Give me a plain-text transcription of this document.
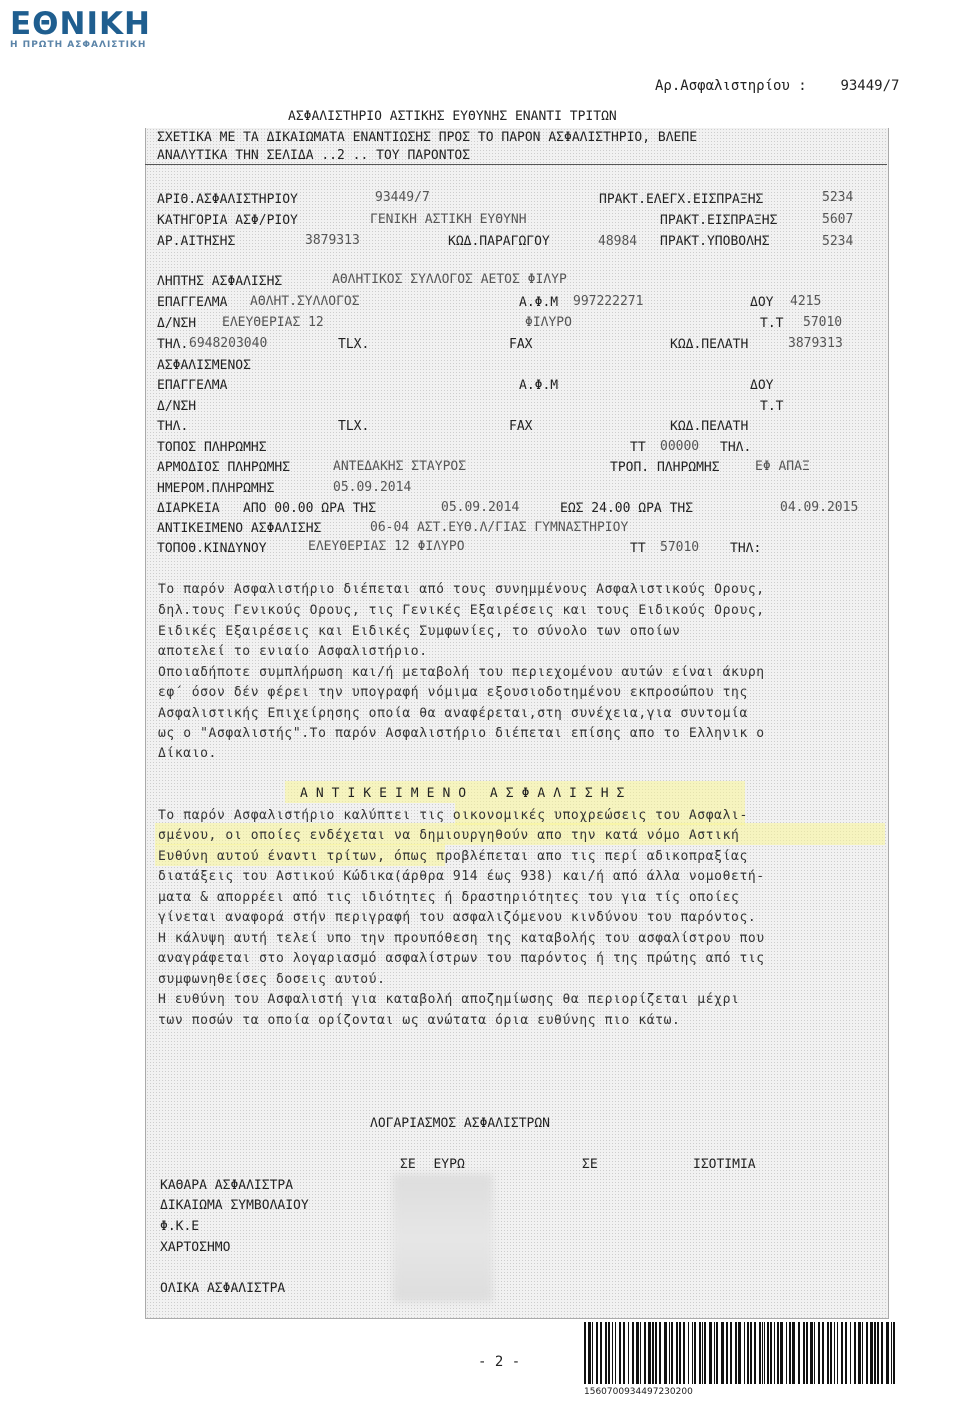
ΕΘΝΙΚΗ
Η ΠΡΩΤΗ ΑΣΦΑΛΙΣΤΙΚΗ
Αρ.Ασφαλιστηρίου : 93449/7
ΑΣΦΑΛΙΣΤΗΡΙΟ ΑΣΤΙΚΗΣ ΕΥΘΥΝΗΣ ΕΝΑΝΤΙ ΤΡΙΤΩΝ
ΣΧΕΤΙΚΑ ΜΕ ΤΑ ΔΙΚΑΙΩΜΑΤΑ ΕΝΑΝΤΙΩΣΗΣ ΠΡΟΣ ΤΟ ΠΑΡΟΝ ΑΣΦΑΛΙΣΤΗΡΙΟ, ΒΛΕΠΕ
ΑΝΑΛΥΤΙΚΑ ΤΗΝ ΣΕΛΙΔΑ ..2 .. ΤΟΥ ΠΑΡΟΝΤΟΣ
ΑΡΙΘ.ΑΣΦΑΛΙΣΤΗΡΙΟΥ	93449/7	ΠΡΑΚΤ.ΕΛΕΓΧ.ΕΙΣΠΡΑΞΗΣ	5234
ΚΑΤΗΓΟΡΙΑ ΑΣΦ/ΡΙΟΥ	ΓΕΝΙΚΗ ΑΣΤΙΚΗ ΕΥΘΥΝΗ	ΠΡΑΚΤ.ΕΙΣΠΡΑΞΗΣ	5607
ΑΡ.ΑΙΤΗΣΗΣ	3879313	ΚΩΔ.ΠΑΡΑΓΩΓΟΥ	48984 ΠΡΑΚΤ.ΥΠΟΒΟΛΗΣ	5234
ΛΗΠΤΗΣ ΑΣΦΑΛΙΣΗΣ	ΑΘΛΗΤΙΚΟΣ ΣΥΛΛΟΓΟΣ ΑΕΤΟΣ ΦΙΛΥΡ
ΕΠΑΓΓΕΛΜΑ ΑΘΛΗΤ.ΣΥΛΛΟΓΟΣ	Α.Φ.Μ 997222271	ΔΟΥ 4215
Δ/ΝΣΗ ΕΛΕΥΘΕΡΙΑΣ 12	ΦΙΛΥΡΟ	Τ.Τ 57010
ΤΗΛ. 6948203040	TLX.	FAX	ΚΩΔ.ΠΕΛΑΤΗ	3879313
ΑΣΦΑΛΙΣΜΕΝΟΣ
ΕΠΑΓΓΕΛΜΑ	Α.Φ.Μ	ΔΟΥ
Δ/ΝΣΗ	Τ.Τ
ΤΗΛ.	TLX.	FAX	ΚΩΔ.ΠΕΛΑΤΗ
ΤΟΠΟΣ ΠΛΗΡΩΜΗΣ	ΤΤ 00000 ΤΗΛ.
ΑΡΜΟΔΙΟΣ ΠΛΗΡΩΜΗΣ	ΑΝΤΕΔΑΚΗΣ ΣΤΑΥΡΟΣ	ΤΡΟΠ. ΠΛΗΡΩΜΗΣ	ΕΦ ΑΠΑΞ
ΗΜΕΡΟΜ.ΠΛΗΡΩΜΗΣ	05.09.2014
ΔΙΑΡΚΕΙΑ ΑΠΟ 00.00 ΩΡΑ ΤΗΣ	05.09.2014	ΕΩΣ 24.00 ΩΡΑ ΤΗΣ	04.09.2015
ΑΝΤΙΚΕΙΜΕΝΟ ΑΣΦΑΛΙΣΗΣ	06-04 ΑΣΤ.ΕΥΘ.Λ/ΓΙΑΣ ΓΥΜΝΑΣΤΗΡΙΟΥ
ΤΟΠΟΘ.ΚΙΝΔΥΝΟΥ	ΕΛΕΥΘΕΡΙΑΣ 12 ΦΙΛΥΡΟ	ΤΤ 57010 ΤΗΛ:
Το παρόν Ασφαλιστήριο διέπεται από τους συνημμένους Ασφαλιστικούς Ορους,
δηλ.τους Γενικούς Ορους, τις Γενικές Εξαιρέσεις και τους Ειδικούς Ορους,
Ειδικές Εξαιρέσεις και Ειδικές Συμφωνίες, το σύνολο των οποίων
αποτελεί το ενιαίο Ασφαλιστήριο.
Οποιαδήποτε συμπλήρωση και/ή μεταβολή του περιεχομένου αυτών είναι άκυρη
εφ΄ όσον δέν φέρει την υπογραφή νόμιμα εξουσιοδοτημένου εκπροσώπου της
Ασφαλιστικής Επιχείρησης οποία θα αναφέρεται,στη συνέχεια,για συντομία
ως ο "Ασφαλιστής".Το παρόν Ασφαλιστήριο διέπεται επίσης απο το Ελληνικ ο
Δίκαιο.
ΑΝΤΙΚΕΙΜΕΝΟ ΑΣΦΑΛΙΣΗΣ
Το παρόν Ασφαλιστήριο καλύπτει τις οικονομικές υποχρεώσεις του Ασφαλι-
σμένου, οι οποίες ενδέχεται να δημιουργηθούν απο την κατά νόμο Αστική
Ευθύνη αυτού έναντι τρίτων, όπως προβλέπεται απο τις περί αδικοπραξίας
διατάξεις του Αστικού Κώδικα(άρθρα 914 έως 938) και/ή από άλλα νομοθετή-
ματα & απορρέει από τις ιδιότητες ή δραστηριότητες του για τίς οποίες
γίνεται αναφορά στήν περιγραφή του ασφαλιζόμενου κινδύνου του παρόντος.
Η κάλυψη αυτή τελεί υπο την προυπόθεση της καταβολής του ασφαλίστρου που
αναγράφεται στο λογαριασμό ασφαλίστρων του παρόντος ή της πρώτης από τις
συμφωνηθείσες δοσεις αυτού.
Η ευθύνη του Ασφαλιστή για καταβολή αποζημίωσης θα περιορίζεται μέχρι
των ποσών τα οποία ορίζονται ως ανώτατα όρια ευθύνης πιο κάτω.
ΛΟΓΑΡΙΑΣΜΟΣ ΑΣΦΑΛΙΣΤΡΩΝ
ΣΕ ΕΥΡΩ	ΣΕ	ΙΣΟΤΙΜΙΑ
ΚΑΘΑΡΑ ΑΣΦΑΛΙΣΤΡΑ
ΔΙΚΑΙΩΜΑ ΣΥΜΒΟΛΑΙΟΥ
Φ.Κ.Ε
ΧΑΡΤΟΣΗΜΟ
ΟΛΙΚΑ ΑΣΦΑΛΙΣΤΡΑ
- 2 -
1560700934497230200
